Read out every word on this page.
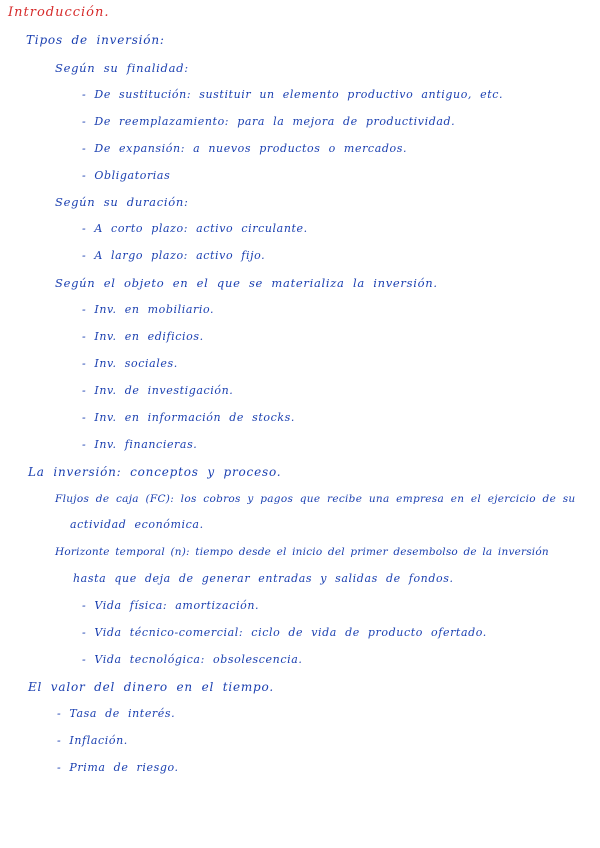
Introducción.
Tipos de inversión:
Según su finalidad:
- De sustitución: sustituir un elemento productivo antiguo, etc.
- De reemplazamiento: para la mejora de productividad.
- De expansión: a nuevos productos o mercados.
- Obligatorias
Según su duración:
- A corto plazo: activo circulante.
- A largo plazo: activo fijo.
Según el objeto en el que se materializa la inversión.
- Inv. en mobiliario.
- Inv. en edificios.
- Inv. sociales.
- Inv. de investigación.
- Inv. en información de stocks.
- Inv. financieras.
La inversión: conceptos y proceso.
Flujos de caja (FC): los cobros y pagos que recibe una empresa en el ejercicio de su
actividad económica.
Horizonte temporal (n): tiempo desde el inicio del primer desembolso de la inversión
hasta que deja de generar entradas y salidas de fondos.
- Vida física: amortización.
- Vida técnico-comercial: ciclo de vida de producto ofertado.
- Vida tecnológica: obsolescencia.
El valor del dinero en el tiempo.
- Tasa de interés.
- Inflación.
- Prima de riesgo.
